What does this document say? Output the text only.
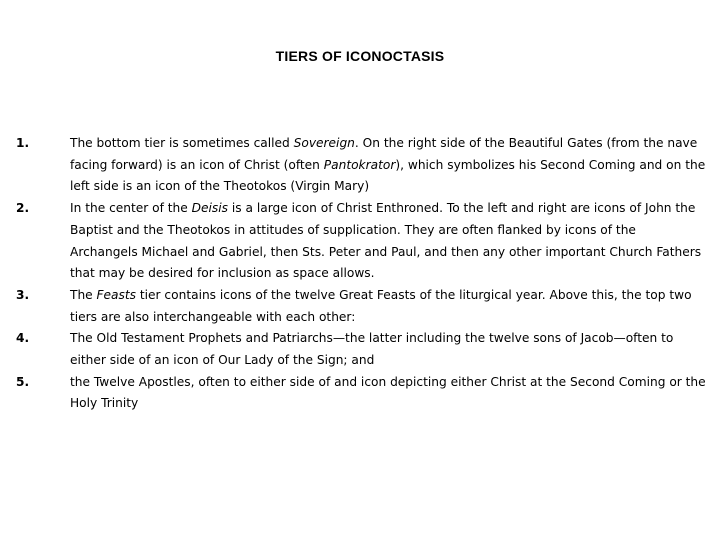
TIERS OF ICONOCTASIS
1.	The bottom tier is sometimes called Sovereign. On the right side of the Beautiful Gates (from the nave facing forward) is an icon of Christ (often Pantokrator), which symbolizes his Second Coming and on the left side is an icon of the Theotokos (Virgin Mary)
2.	In the center of the Deisis is a large icon of Christ Enthroned. To the left and right are icons of John the Baptist and the Theotokos in attitudes of supplication. They are often flanked by icons of the Archangels Michael and Gabriel, then Sts. Peter and Paul, and then any other important Church Fathers that may be desired for inclusion as space allows.
3.	The Feasts tier contains icons of the twelve Great Feasts of the liturgical year. Above this, the top two tiers are also interchangeable with each other:
4.	The Old Testament Prophets and Patriarchs—the latter including the twelve sons of Jacob—often to either side of an icon of Our Lady of the Sign; and
5.	the Twelve Apostles, often to either side of and icon depicting either Christ at the Second Coming or the Holy Trinity
